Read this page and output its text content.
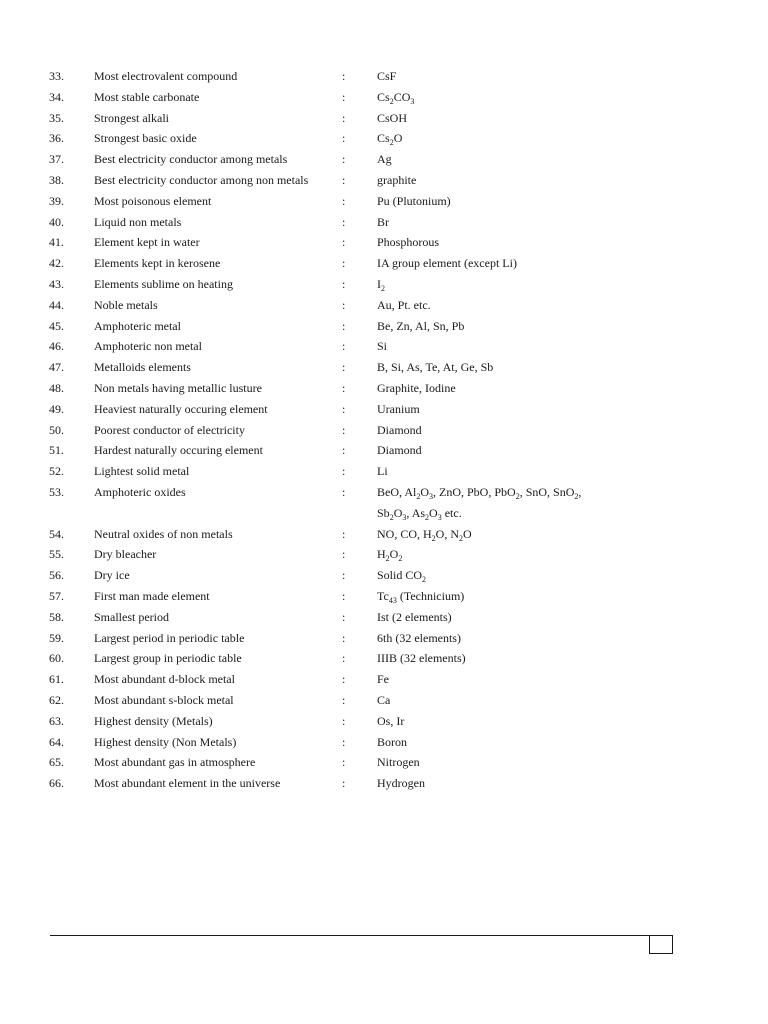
33.	Most electrovalent compound	:	CsF
34.	Most stable carbonate	:	$Cs_2CO_3$
35.	Strongest alkali	:	CsOH
36.	Strongest basic oxide	:	$Cs_2O$
37.	Best electricity conductor among metals	:	Ag
38.	Best electricity conductor among non metals	:	graphite
39.	Most poisonous element	:	Pu (Plutonium)
40.	Liquid non metals	:	Br
41.	Element kept in water	:	Phosphorous
42.	Elements kept in kerosene	:	IA group element (except Li)
43.	Elements sublime on heating	:	$I_2$
44.	Noble metals	:	Au, Pt. etc.
45.	Amphoteric metal	:	Be, Zn, Al, Sn, Pb
46.	Amphoteric non metal	:	Si
47.	Metalloids elements	:	B, Si, As, Te, At, Ge, Sb
48.	Non metals having metallic lusture	:	Graphite, Iodine
49.	Heaviest naturally occuring element	:	Uranium
50.	Poorest conductor of electricity	:	Diamond
51.	Hardest naturally occuring element	:	Diamond
52.	Lightest solid metal	:	Li
53.	Amphoteric oxides	:	BeO, $Al_2O_3$, ZnO, PbO, PbO$_2$, SnO, SnO$_2$,
$Sb_2O_3$, $As_2O_3$ etc.
54.	Neutral oxides of non metals	:	NO, CO, $H_2O$, $N_2O$
55.	Dry bleacher	:	$H_2O_2$
56.	Dry ice	:	Solid $CO_2$
57.	First man made element	:	$Tc_{43}$ (Technicium)
58.	Smallest period	:	Ist (2 elements)
59.	Largest period in periodic table	:	6th (32 elements)
60.	Largest group in periodic table	:	IIIB (32 elements)
61.	Most abundant d-block metal	:	Fe
62.	Most abundant s-block metal	:	Ca
63.	Highest density (Metals)	:	Os, Ir
64.	Highest density (Non Metals)	:	Boron
65.	Most abundant gas in atmosphere	:	Nitrogen
66.	Most abundant element in the universe	:	Hydrogen
